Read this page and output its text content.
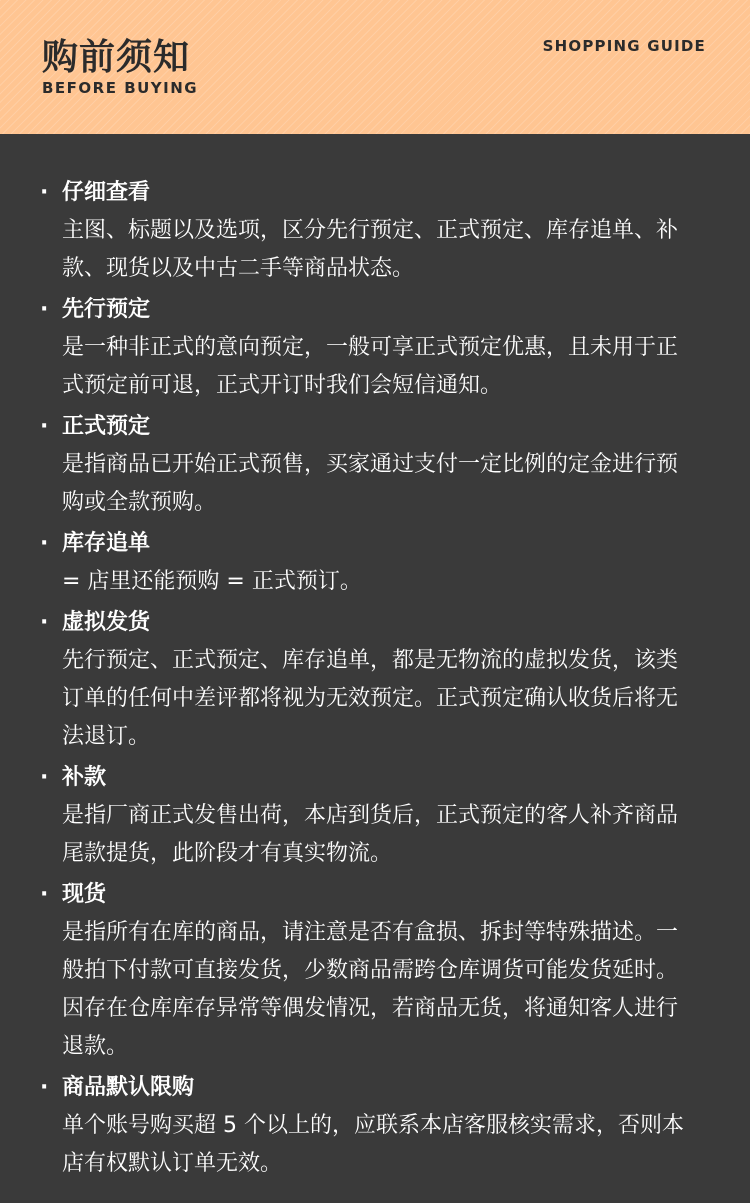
购前须知
BEFORE BUYING
SHOPPING GUIDE
· 仔细查看
主图、标题以及选项，区分先行预定、正式预定、库存追单、补款、现货以及中古二手等商品状态。
· 先行预定
是一种非正式的意向预定，一般可享正式预定优惠，且未用于正式预定前可退，正式开订时我们会短信通知。
· 正式预定
是指商品已开始正式预售，买家通过支付一定比例的定金进行预购或全款预购。
· 库存追单
= 店里还能预购 = 正式预订。
· 虚拟发货
先行预定、正式预定、库存追单，都是无物流的虚拟发货，该类订单的任何中差评都将视为无效预定。正式预定确认收货后将无法退订。
· 补款
是指厂商正式发售出荷，本店到货后，正式预定的客人补齐商品尾款提货，此阶段才有真实物流。
· 现货
是指所有在库的商品，请注意是否有盒损、拆封等特殊描述。一般拍下付款可直接发货，少数商品需跨仓库调货可能发货延时。因存在仓库库存异常等偶发情况，若商品无货，将通知客人进行退款。
· 商品默认限购
单个账号购买超 5 个以上的，应联系本店客服核实需求，否则本店有权默认订单无效。
